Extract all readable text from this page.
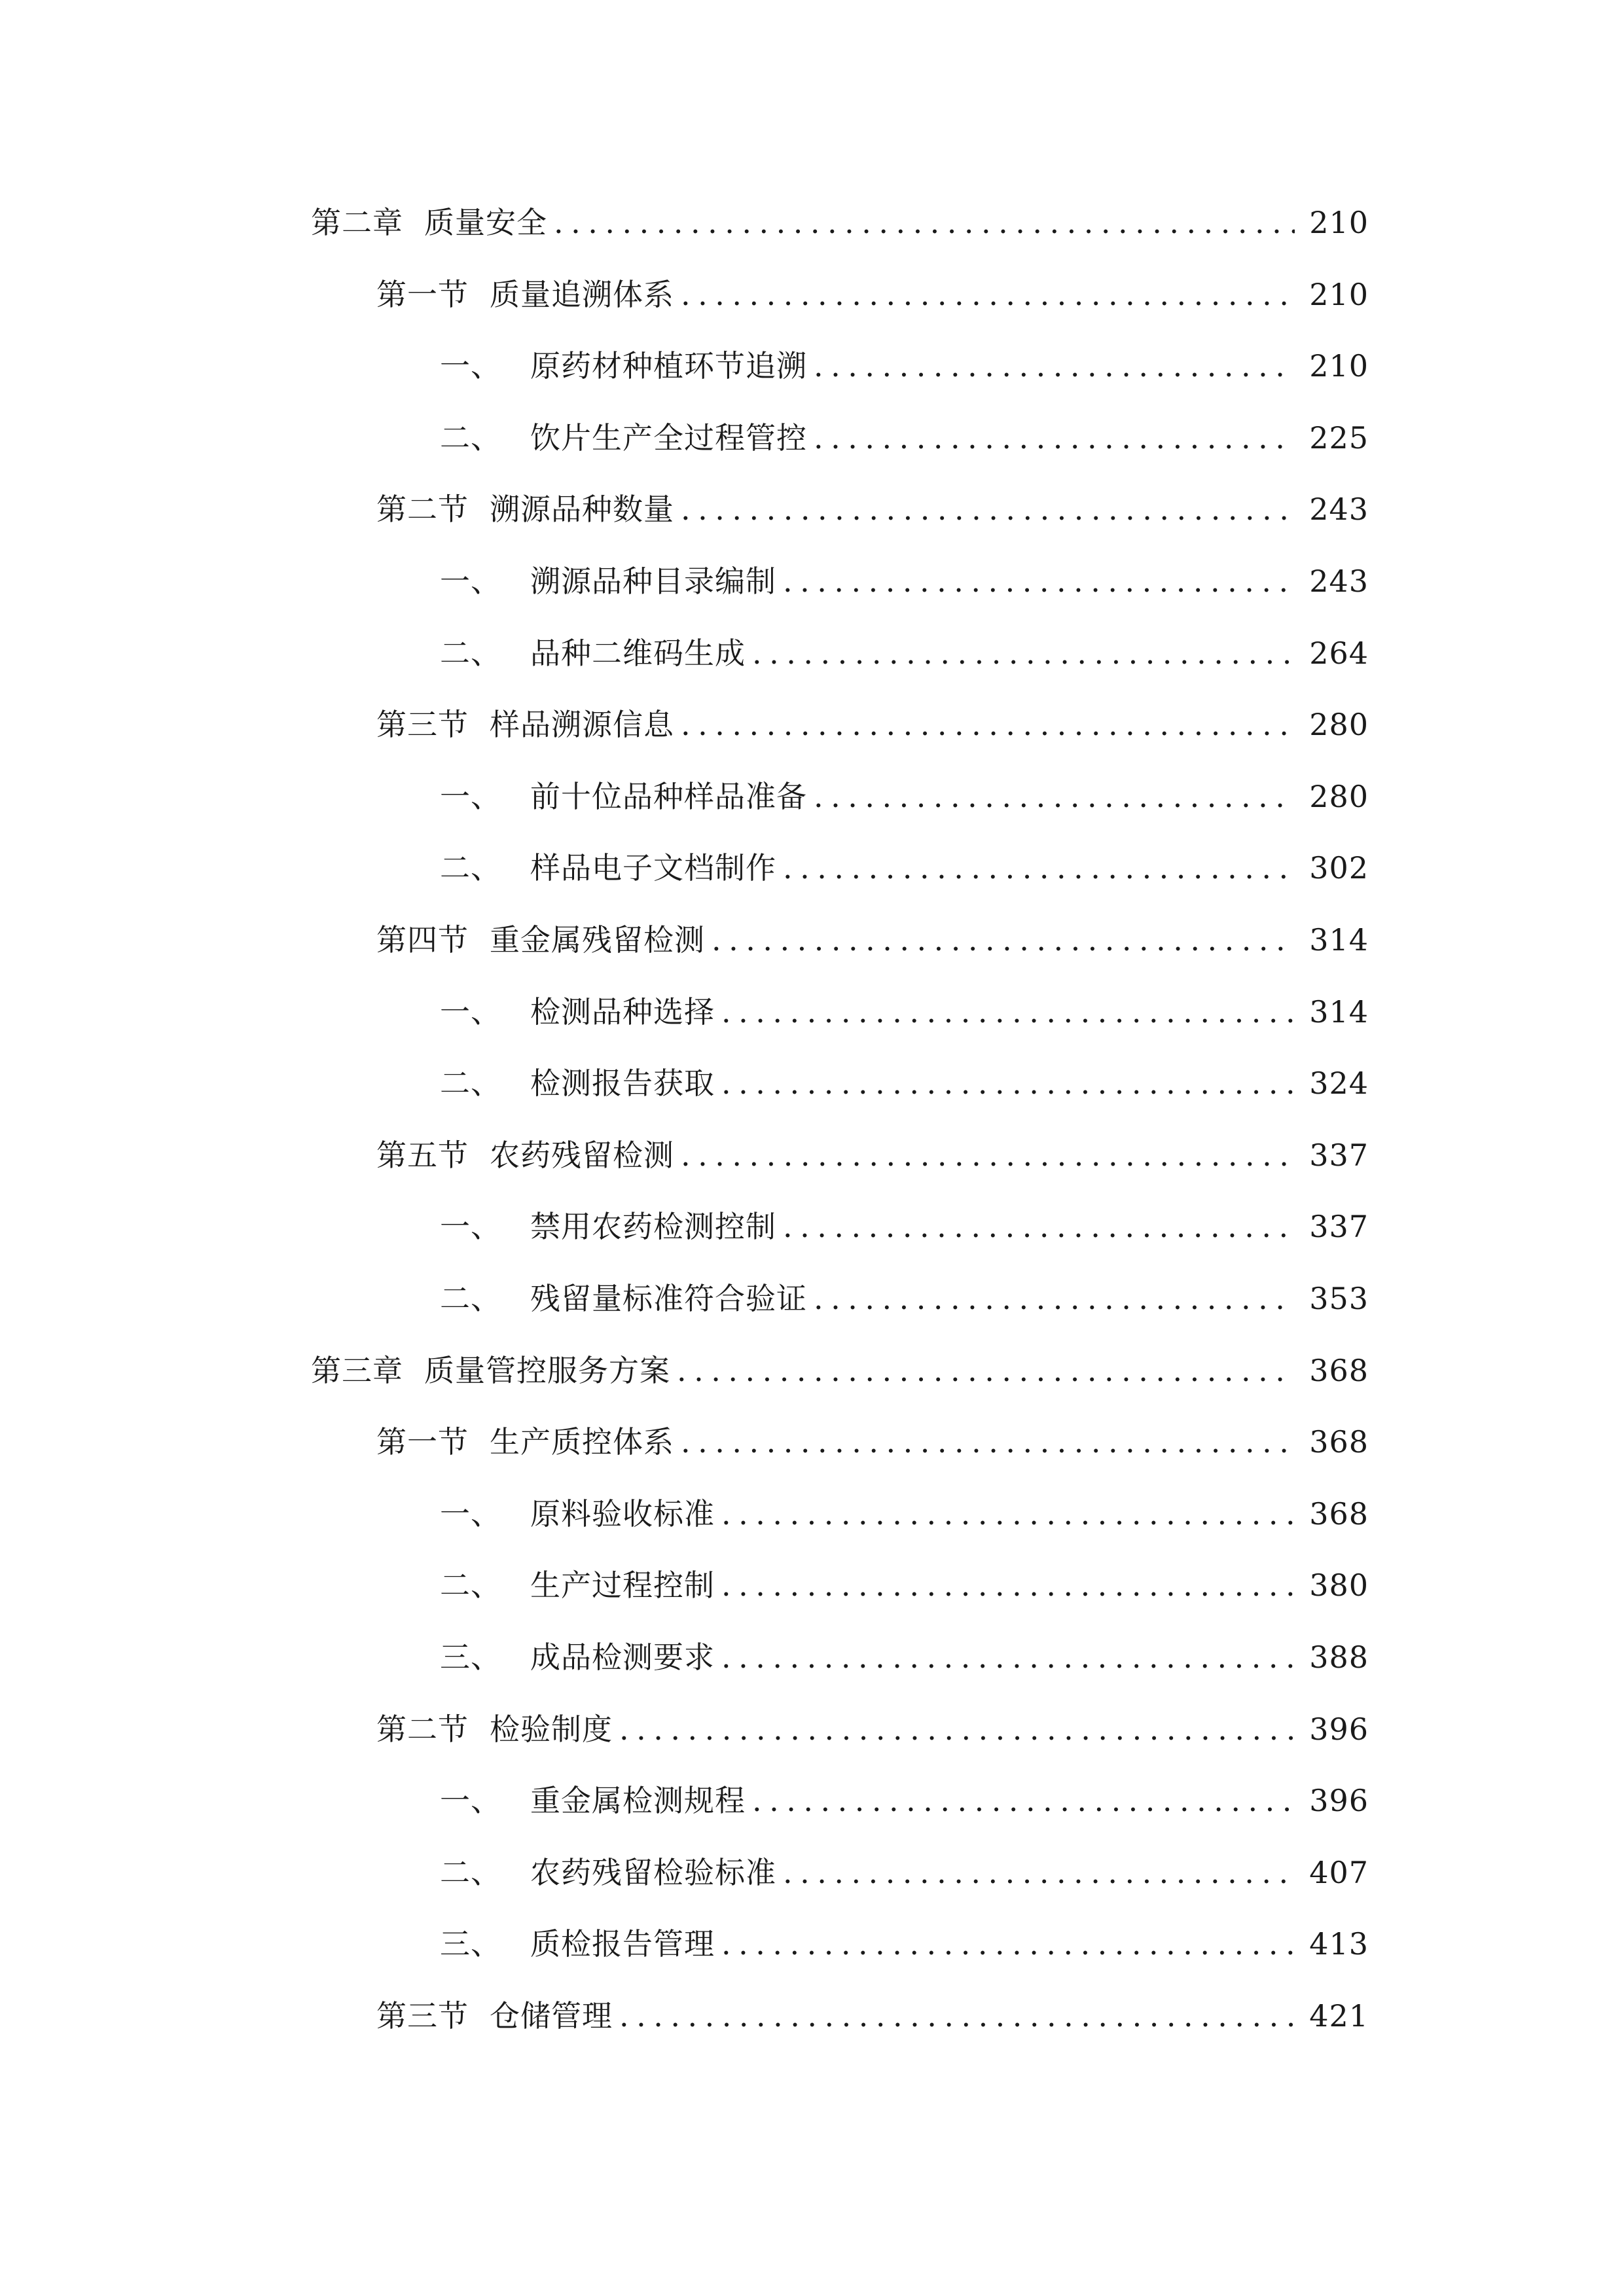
第二章 质量安全 .....	210
第一节 质量追溯体系 .....	210
一、 原药材种植环节追溯 .....	210
二、 饮片生产全过程管控 .....	225
第二节 溯源品种数量 .....	243
一、 溯源品种目录编制 .....	243
二、 品种二维码生成 .....	264
第三节 样品溯源信息 .....	280
一、 前十位品种样品准备 .....	280
二、 样品电子文档制作 .....	302
第四节 重金属残留检测 .....	314
一、 检测品种选择 .....	314
二、 检测报告获取 .....	324
第五节 农药残留检测 .....	337
一、 禁用农药检测控制 .....	337
二、 残留量标准符合验证 .....	353
第三章 质量管控服务方案 .....	368
第一节 生产质控体系 .....	368
一、 原料验收标准 .....	368
二、 生产过程控制 .....	380
三、 成品检测要求 .....	388
第二节 检验制度 .....	396
一、 重金属检测规程 .....	396
二、 农药残留检验标准 .....	407
三、 质检报告管理 .....	413
第三节 仓储管理 .....	421
